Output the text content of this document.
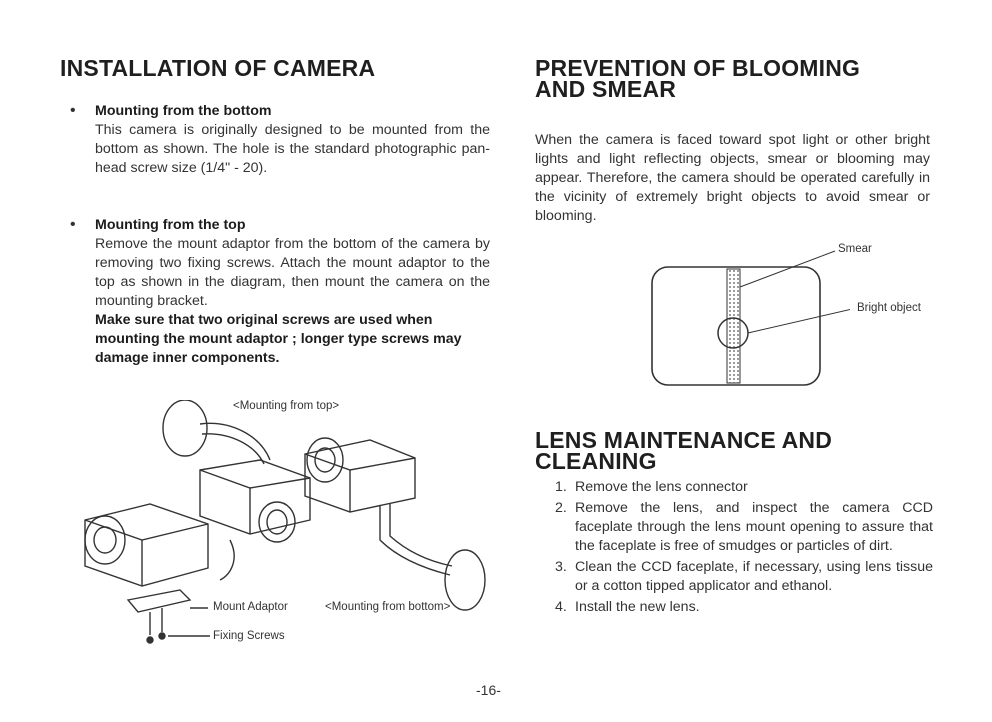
INSTALLATION OF CAMERA
• Mounting from the bottom
This camera is originally designed to be mounted from the bottom as shown. The hole is the standard photographic pan-head screw size (1/4" - 20).
• Mounting from the top
Remove the mount adaptor from the bottom of the camera by removing two fixing screws. Attach the mount adaptor to the top as shown in the diagram, then mount the camera on the mounting bracket.
Make sure that two original screws are used when mounting the mount adaptor ; longer type screws may damage inner components.
<Mounting from top>
Mount Adaptor
Fixing Screws
<Mounting from bottom>
PREVENTION OF BLOOMING AND SMEAR
When the camera is faced toward spot light or other bright lights and light reflecting objects, smear or blooming may appear. Therefore, the camera should be operated carefully in the vicinity of extremely bright objects to avoid smear or blooming.
Smear
Bright object
LENS MAINTENANCE AND CLEANING
1. Remove the lens connector
2. Remove the lens, and inspect the camera CCD faceplate through the lens mount opening to assure that the faceplate is free of smudges or particles of dirt.
3. Clean the CCD faceplate, if necessary, using lens tissue or a cotton tipped applicator and ethanol.
4. Install the new lens.
-16-
